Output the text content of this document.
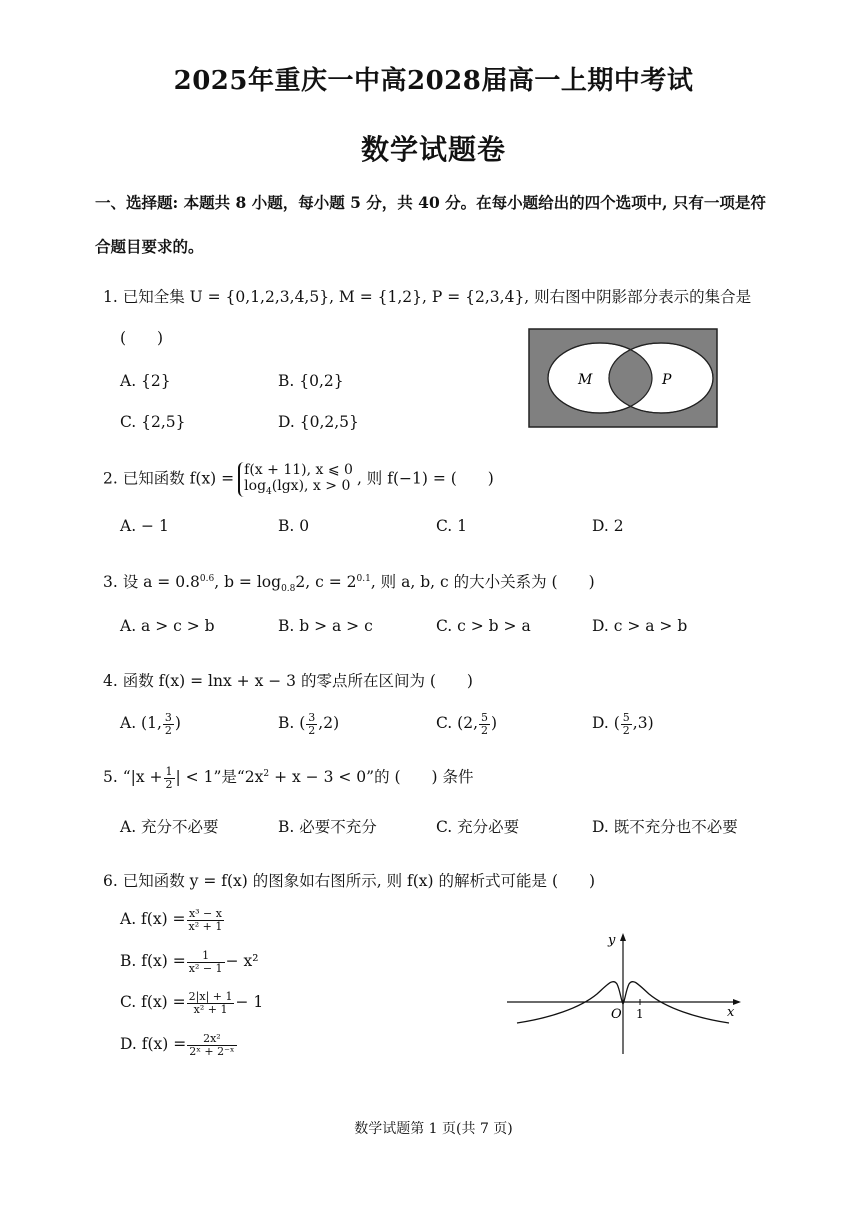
2025年重庆一中高2028届高一上期中考试
数学试题卷
一、选择题: 本题共 8 小题，每小题 5 分，共 40 分。在每小题给出的四个选项中, 只有一项是符
合题目要求的。
1. 已知全集 U = {0,1,2,3,4,5}, M = {1,2}, P = {2,3,4}, 则右图中阴影部分表示的集合是
(　　)
A. {2}	B. {0,2}
C. {2,5}	D. {0,2,5}
M	P
2. 已知函数 f(x) = f(x + 11), x ⩽ 0
$\log_4(\lg x)$, x > 0 , 则 f(−1) = (　　)
A. − 1	B. 0	C. 1	D. 2
3. 设 $a = 0.8^{0.6}$, $b = \log_{0.8}2$, $c = 2^{0.1}$, 则 a, b, c 的大小关系为 (　　)
A. a > c > b	B. b > a > c	C. c > b > a	D. c > a > b
4. 函数 f(x) = lnx + x − 3 的零点所在区间为 (　　)
A. (1, $\frac{3}{2}$ )	B. ( $\frac{3}{2} ,2$)	C. (2, $\frac{5}{2}$ )	D. ( $\frac{5}{2} ,3$)
5. “$|x + \frac{1}{2}$ | < 1”是“$2x^2 + x - 3 < 0$”的 (　　) 条件
A. 充分不必要	B. 必要不充分	C. 充分必要	D. 既不充分也不必要
6. 已知函数 y = f(x) 的图象如右图所示, 则 f(x) 的解析式可能是 (　　)
A. $f(x) = \frac{\text{x³ − x}}{\text{x² + 1}}$
B. $f(x) = \frac{1}{\text{x² − 1}} - x^2$
C. $f(x) = \frac{2|x| + 1}{\text{x² + 1}} - 1$
D. $f(x) = \frac{\text{2x²}}{\text{2ˣ + 2⁻ˣ}}$
O 1	x
y
数学试题第 1 页(共 7 页)
